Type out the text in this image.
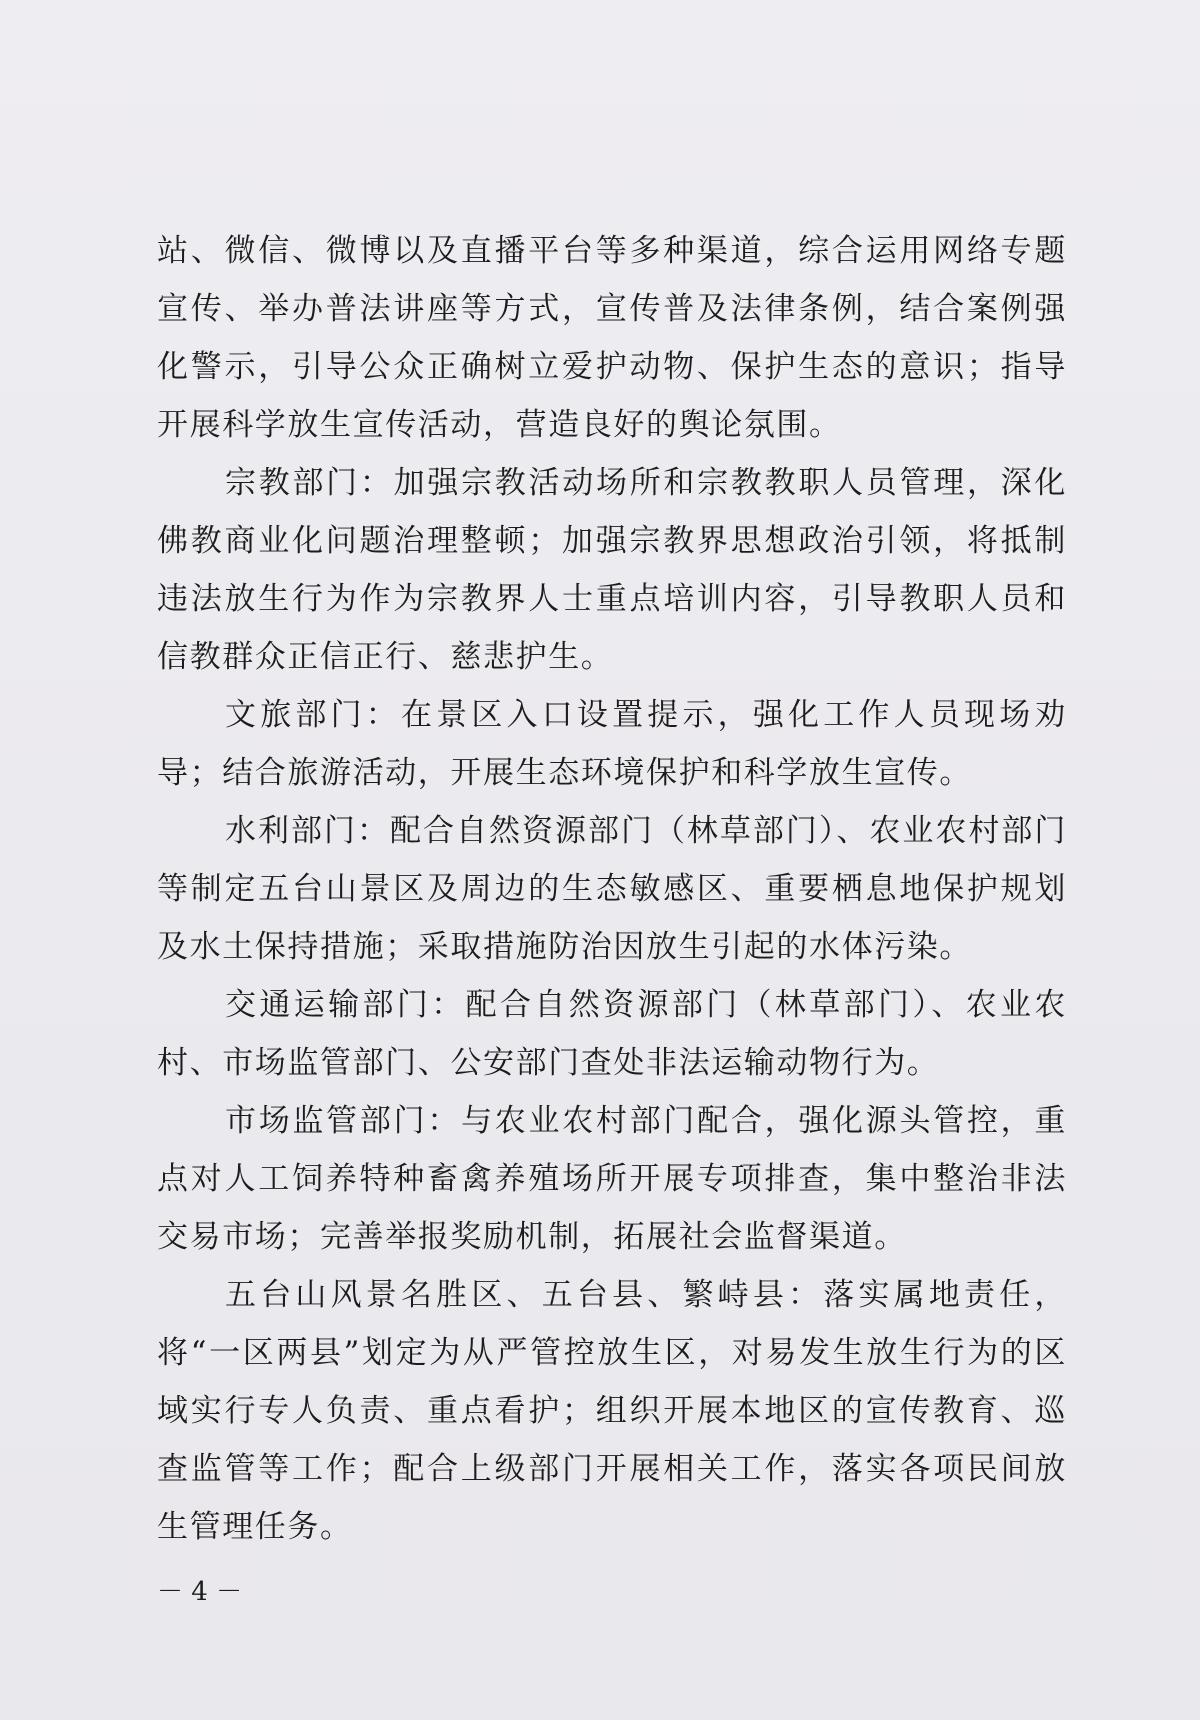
站、微信、微博以及直播平台等多种渠道，综合运用网络专题宣传、举办普法讲座等方式，宣传普及法律条例，结合案例强化警示，引导公众正确树立爱护动物、保护生态的意识；指导开展科学放生宣传活动，营造良好的舆论氛围。

宗教部门：加强宗教活动场所和宗教教职人员管理，深化佛教商业化问题治理整顿；加强宗教界思想政治引领，将抵制违法放生行为作为宗教界人士重点培训内容，引导教职人员和信教群众正信正行、慈悲护生。

文旅部门：在景区入口设置提示，强化工作人员现场劝导；结合旅游活动，开展生态环境保护和科学放生宣传。

水利部门：配合自然资源部门（林草部门）、农业农村部门等制定五台山景区及周边的生态敏感区、重要栖息地保护规划及水土保持措施；采取措施防治因放生引起的水体污染。

交通运输部门：配合自然资源部门（林草部门）、农业农村、市场监管部门、公安部门查处非法运输动物行为。

市场监管部门：与农业农村部门配合，强化源头管控，重点对人工饲养特种畜禽养殖场所开展专项排查，集中整治非法交易市场；完善举报奖励机制，拓展社会监督渠道。

五台山风景名胜区、五台县、繁峙县：落实属地责任，将“一区两县”划定为从严管控放生区，对易发生放生行为的区域实行专人负责、重点看护；组织开展本地区的宣传教育、巡查监管等工作；配合上级部门开展相关工作，落实各项民间放生管理任务。

－ 4 －
